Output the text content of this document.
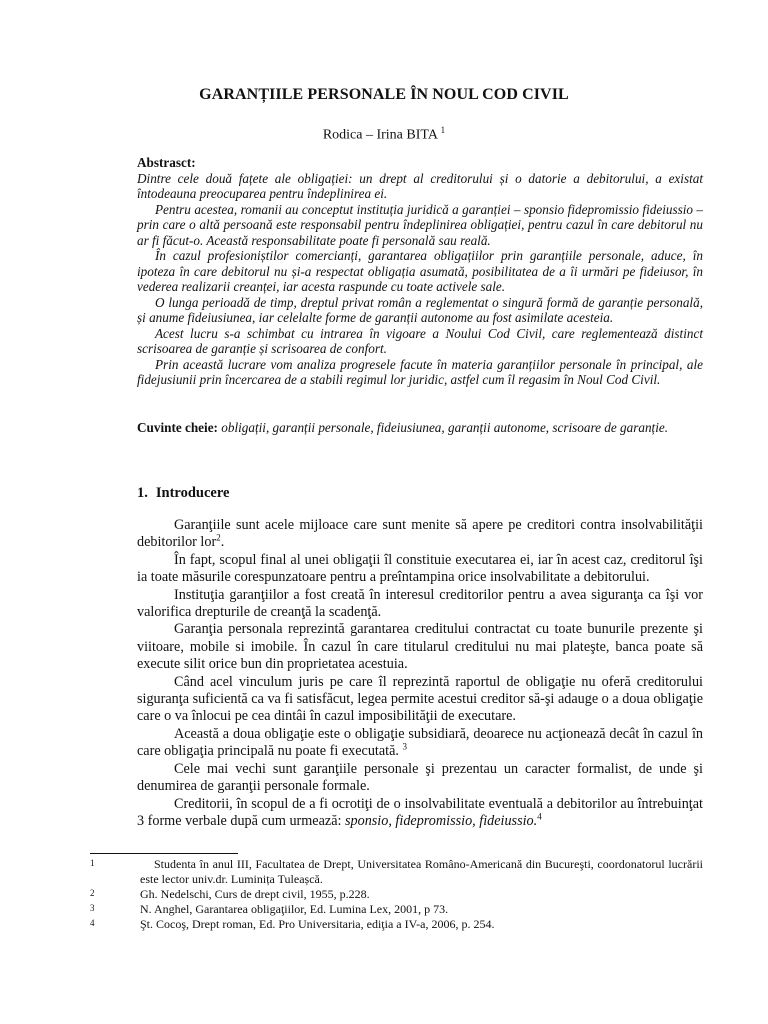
GARANȚIILE PERSONALE ÎN NOUL COD CIVIL
Rodica – Irina BITA $^1$
Abstrasct:

Dintre cele două fațete ale obligației: un drept al creditorului și o datorie a debitorului, a existat întodeauna preocuparea pentru îndeplinirea ei.

Pentru acestea, romanii au conceptut instituția juridică a garanției – sponsio fidepromissio fideiussio – prin care o altă persoană este responsabil pentru îndeplinirea obligației, pentru cazul în care debitorul nu ar fi făcut-o. Această responsabilitate poate fi personală sau reală.

În cazul profesioniștilor comercianți, garantarea obligațiilor prin garanțiile personale, aduce, în ipoteza în care debitorul nu și-a respectat obligația asumată, posibilitatea de a îi urmări pe fideiusor, în vederea realizarii creanței, iar acesta raspunde cu toate activele sale.

O lunga perioadă de timp, dreptul privat român a reglementat o singură formă de garanție personală, și anume fideiusiunea, iar celelalte forme de garanții autonome au fost asimilate acesteia.

Acest lucru s-a schimbat cu intrarea în vigoare a Noului Cod Civil, care reglementează distinct scrisoarea de garanție și scrisoarea de confort.

Prin această lucrare vom analiza progresele facute în materia garanțiilor personale în principal, ale fidejusiunii prin încercarea de a stabili regimul lor juridic, astfel cum îl regasim în Noul Cod Civil.

Cuvinte cheie: obligații, garanții personale, fideiusiunea, garanții autonome, scrisoare de garanție.
1. Introducere

Garanţiile sunt acele mijloace care sunt menite să apere pe creditori contra insolvabilităţii debitorilor lor$^2$.

În fapt, scopul final al unei obligaţii îl constituie executarea ei, iar în acest caz, creditorul îşi ia toate măsurile corespunzatoare pentru a preîntampina orice insolvabilitate a debitorului.

Instituţia garanţiilor a fost creată în interesul creditorilor pentru a avea siguranţa ca îşi vor valorifica drepturile de creanţă la scadenţă.

Garanţia personala reprezintă garantarea creditului contractat cu toate bunurile prezente şi viitoare, mobile si imobile. În cazul în care titularul creditului nu mai plateşte, banca poate să execute silit orice bun din proprietatea acestuia.

Când acel vinculum juris pe care îl reprezintă raportul de obligaţie nu oferă creditorului siguranţa suficientă ca va fi satisfăcut, legea permite acestui creditor să-şi adauge o a doua obligaţie care o va înlocui pe cea dintâi în cazul imposibilităţii de executare.

Această a doua obligaţie este o obligaţie subsidiară, deoarece nu acţionează decât în cazul în care obligaţia principală nu poate fi executată. $^3$

Cele mai vechi sunt garanţiile personale şi prezentau un caracter formalist, de unde şi denumirea de garanţii personale formale.

Creditorii, în scopul de a fi ocrotiţi de o insolvabilitate eventuală a debitorilor au întrebuinţat 3 forme verbale după cum urmează: sponsio, fidepromissio, fideiussio.$^4$

1	Studenta în anul III, Facultatea de Drept, Universitatea Româno-Americană din Bucureşti, coordonatorul lucrării este lector univ.dr. Luminița Tuleașcă.
2	Gh. Nedelschi, Curs de drept civil, 1955, p.228.
3	N. Anghel, Garantarea obligaţiilor, Ed. Lumina Lex, 2001, p 73.
4	Şt. Cocoş, Drept roman, Ed. Pro Universitaria, ediţia a IV-a, 2006, p. 254.
